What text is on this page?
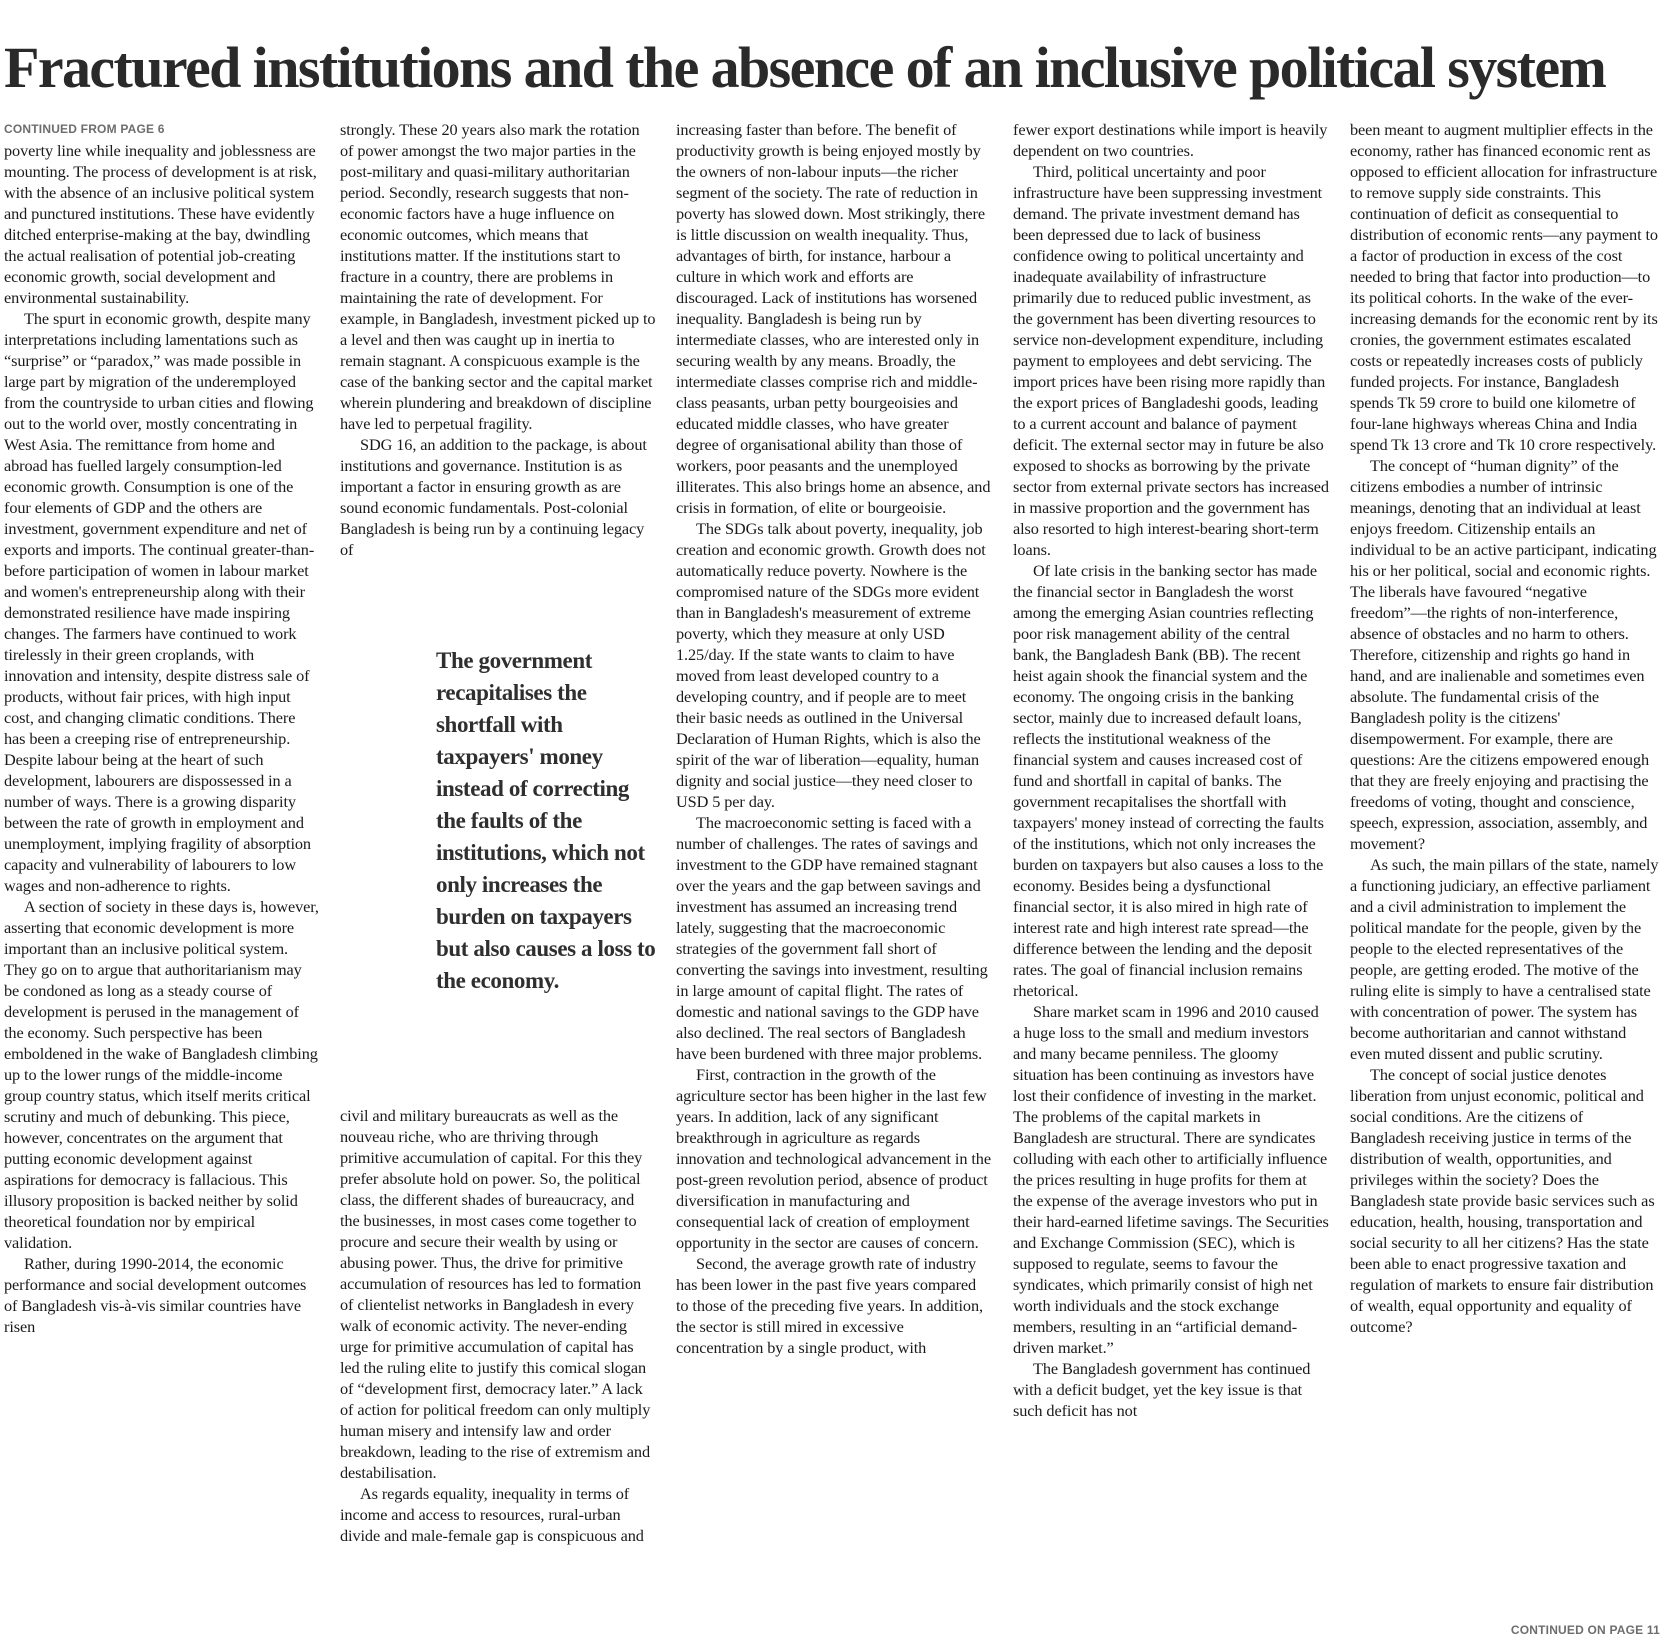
Fractured institutions and the absence of an inclusive political system
CONTINUED FROM PAGE 6

poverty line while inequality and joblessness are mounting. The process of development is at risk, with the absence of an inclusive political system and punctured institutions. These have evidently ditched enterprise-making at the bay, dwindling the actual realisation of potential job-creating economic growth, social development and environmental sustainability.

The spurt in economic growth, despite many interpretations including lamentations such as “surprise” or “paradox,” was made possible in large part by migration of the underemployed from the countryside to urban cities and flowing out to the world over, mostly concentrating in West Asia. The remittance from home and abroad has fuelled largely consumption-led economic growth. Consumption is one of the four elements of GDP and the others are investment, government expenditure and net of exports and imports. The continual greater-than-before participation of women in labour market and women's entrepreneurship along with their demonstrated resilience have made inspiring changes. The farmers have continued to work tirelessly in their green croplands, with innovation and intensity, despite distress sale of products, without fair prices, with high input cost, and changing climatic conditions. There has been a creeping rise of entrepreneurship. Despite labour being at the heart of such development, labourers are dispossessed in a number of ways. There is a growing disparity between the rate of growth in employment and unemployment, implying fragility of absorption capacity and vulnerability of labourers to low wages and non-adherence to rights.

A section of society in these days is, however, asserting that economic development is more important than an inclusive political system. They go on to argue that authoritarianism may be condoned as long as a steady course of development is perused in the management of the economy. Such perspective has been emboldened in the wake of Bangladesh climbing up to the lower rungs of the middle-income group country status, which itself merits critical scrutiny and much of debunking. This piece, however, concentrates on the argument that putting economic development against aspirations for democracy is fallacious. This illusory proposition is backed neither by solid theoretical foundation nor by empirical validation.

Rather, during 1990-2014, the economic performance and social development outcomes of Bangladesh vis-à-vis similar countries have risen

strongly. These 20 years also mark the rotation of power amongst the two major parties in the post-military and quasi-military authoritarian period. Secondly, research suggests that non-economic factors have a huge influence on economic outcomes, which means that institutions matter. If the institutions start to fracture in a country, there are problems in maintaining the rate of development. For example, in Bangladesh, investment picked up to a level and then was caught up in inertia to remain stagnant. A conspicuous example is the case of the banking sector and the capital market wherein plundering and breakdown of discipline have led to perpetual fragility.

SDG 16, an addition to the package, is about institutions and governance. Institution is as important a factor in ensuring growth as are sound economic fundamentals. Post-colonial Bangladesh is being run by a continuing legacy of

The government recapitalises the shortfall with taxpayers' money instead of correcting the faults of the institutions, which not only increases the burden on taxpayers but also causes a loss to the economy.

civil and military bureaucrats as well as the nouveau riche, who are thriving through primitive accumulation of capital. For this they prefer absolute hold on power. So, the political class, the different shades of bureaucracy, and the businesses, in most cases come together to procure and secure their wealth by using or abusing power. Thus, the drive for primitive accumulation of resources has led to formation of clientelist networks in Bangladesh in every walk of economic activity. The never-ending urge for primitive accumulation of capital has led the ruling elite to justify this comical slogan of “development first, democracy later.” A lack of action for political freedom can only multiply human misery and intensify law and order breakdown, leading to the rise of extremism and destabilisation.

As regards equality, inequality in terms of income and access to resources, rural-urban divide and male-female gap is conspicuous and

increasing faster than before. The benefit of productivity growth is being enjoyed mostly by the owners of non-labour inputs—the richer segment of the society. The rate of reduction in poverty has slowed down. Most strikingly, there is little discussion on wealth inequality. Thus, advantages of birth, for instance, harbour a culture in which work and efforts are discouraged. Lack of institutions has worsened inequality. Bangladesh is being run by intermediate classes, who are interested only in securing wealth by any means. Broadly, the intermediate classes comprise rich and middle-class peasants, urban petty bourgeoisies and educated middle classes, who have greater degree of organisational ability than those of workers, poor peasants and the unemployed illiterates. This also brings home an absence, and crisis in formation, of elite or bourgeoisie.

The SDGs talk about poverty, inequality, job creation and economic growth. Growth does not automatically reduce poverty. Nowhere is the compromised nature of the SDGs more evident than in Bangladesh's measurement of extreme poverty, which they measure at only USD 1.25/day. If the state wants to claim to have moved from least developed country to a developing country, and if people are to meet their basic needs as outlined in the Universal Declaration of Human Rights, which is also the spirit of the war of liberation—equality, human dignity and social justice—they need closer to USD 5 per day.

The macroeconomic setting is faced with a number of challenges. The rates of savings and investment to the GDP have remained stagnant over the years and the gap between savings and investment has assumed an increasing trend lately, suggesting that the macroeconomic strategies of the government fall short of converting the savings into investment, resulting in large amount of capital flight. The rates of domestic and national savings to the GDP have also declined. The real sectors of Bangladesh have been burdened with three major problems.

First, contraction in the growth of the agriculture sector has been higher in the last few years. In addition, lack of any significant breakthrough in agriculture as regards innovation and technological advancement in the post-green revolution period, absence of product diversification in manufacturing and consequential lack of creation of employment opportunity in the sector are causes of concern.

Second, the average growth rate of industry has been lower in the past five years compared to those of the preceding five years. In addition, the sector is still mired in excessive concentration by a single product, with

fewer export destinations while import is heavily dependent on two countries.

Third, political uncertainty and poor infrastructure have been suppressing investment demand. The private investment demand has been depressed due to lack of business confidence owing to political uncertainty and inadequate availability of infrastructure primarily due to reduced public investment, as the government has been diverting resources to service non-development expenditure, including payment to employees and debt servicing. The import prices have been rising more rapidly than the export prices of Bangladeshi goods, leading to a current account and balance of payment deficit. The external sector may in future be also exposed to shocks as borrowing by the private sector from external private sectors has increased in massive proportion and the government has also resorted to high interest-bearing short-term loans.

Of late crisis in the banking sector has made the financial sector in Bangladesh the worst among the emerging Asian countries reflecting poor risk management ability of the central bank, the Bangladesh Bank (BB). The recent heist again shook the financial system and the economy. The ongoing crisis in the banking sector, mainly due to increased default loans, reflects the institutional weakness of the financial system and causes increased cost of fund and shortfall in capital of banks. The government recapitalises the shortfall with taxpayers' money instead of correcting the faults of the institutions, which not only increases the burden on taxpayers but also causes a loss to the economy. Besides being a dysfunctional financial sector, it is also mired in high rate of interest rate and high interest rate spread—the difference between the lending and the deposit rates. The goal of financial inclusion remains rhetorical.

Share market scam in 1996 and 2010 caused a huge loss to the small and medium investors and many became penniless. The gloomy situation has been continuing as investors have lost their confidence of investing in the market. The problems of the capital markets in Bangladesh are structural. There are syndicates colluding with each other to artificially influence the prices resulting in huge profits for them at the expense of the average investors who put in their hard-earned lifetime savings. The Securities and Exchange Commission (SEC), which is supposed to regulate, seems to favour the syndicates, which primarily consist of high net worth individuals and the stock exchange members, resulting in an “artificial demand-driven market.”

The Bangladesh government has continued with a deficit budget, yet the key issue is that such deficit has not

been meant to augment multiplier effects in the economy, rather has financed economic rent as opposed to efficient allocation for infrastructure to remove supply side constraints. This continuation of deficit as consequential to distribution of economic rents—any payment to a factor of production in excess of the cost needed to bring that factor into production—to its political cohorts. In the wake of the ever-increasing demands for the economic rent by its cronies, the government estimates escalated costs or repeatedly increases costs of publicly funded projects. For instance, Bangladesh spends Tk 59 crore to build one kilometre of four-lane highways whereas China and India spend Tk 13 crore and Tk 10 crore respectively.

The concept of “human dignity” of the citizens embodies a number of intrinsic meanings, denoting that an individual at least enjoys freedom. Citizenship entails an individual to be an active participant, indicating his or her political, social and economic rights. The liberals have favoured “negative freedom”—the rights of non-interference, absence of obstacles and no harm to others. Therefore, citizenship and rights go hand in hand, and are inalienable and sometimes even absolute. The fundamental crisis of the Bangladesh polity is the citizens' disempowerment. For example, there are questions: Are the citizens empowered enough that they are freely enjoying and practising the freedoms of voting, thought and conscience, speech, expression, association, assembly, and movement?

As such, the main pillars of the state, namely a functioning judiciary, an effective parliament and a civil administration to implement the political mandate for the people, given by the people to the elected representatives of the people, are getting eroded. The motive of the ruling elite is simply to have a centralised state with concentration of power. The system has become authoritarian and cannot withstand even muted dissent and public scrutiny.

The concept of social justice denotes liberation from unjust economic, political and social conditions. Are the citizens of Bangladesh receiving justice in terms of the distribution of wealth, opportunities, and privileges within the society? Does the Bangladesh state provide basic services such as education, health, housing, transportation and social security to all her citizens? Has the state been able to enact progressive taxation and regulation of markets to ensure fair distribution of wealth, equal opportunity and equality of outcome?

CONTINUED ON PAGE 11
